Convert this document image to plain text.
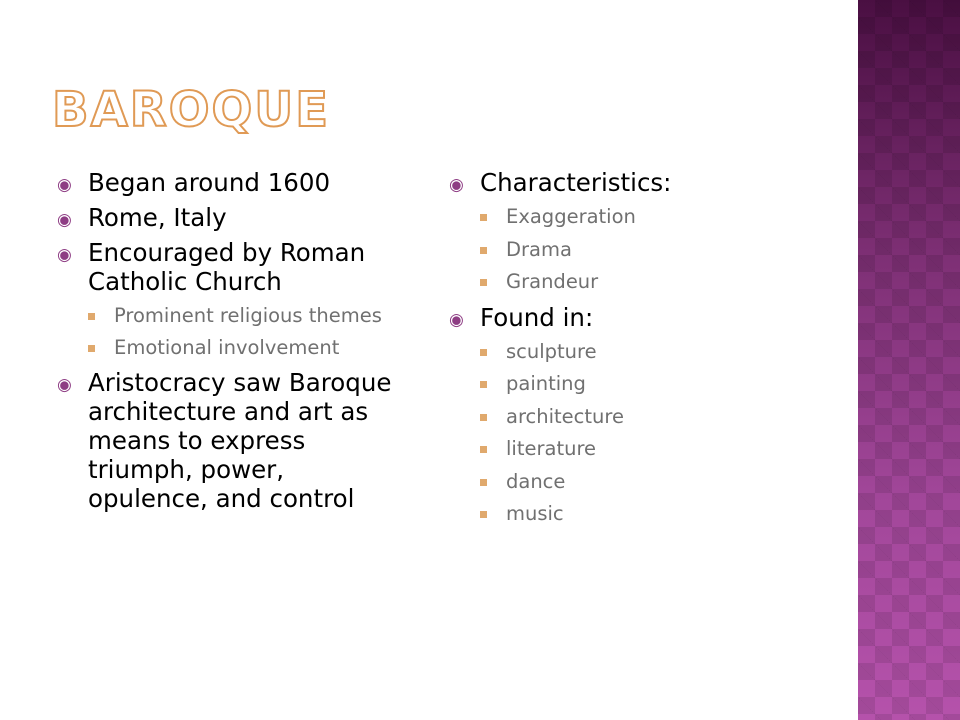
BAROQUE
◉ Began around 1600
◉ Rome, Italy
◉ Encouraged by Roman Catholic Church
Prominent religious themes
Emotional involvement
◉ Aristocracy saw Baroque architecture and art as means to express triumph, power, opulence, and control
◉ Characteristics:
Exaggeration
Drama
Grandeur
◉ Found in:
sculpture
painting
architecture
literature
dance
music
